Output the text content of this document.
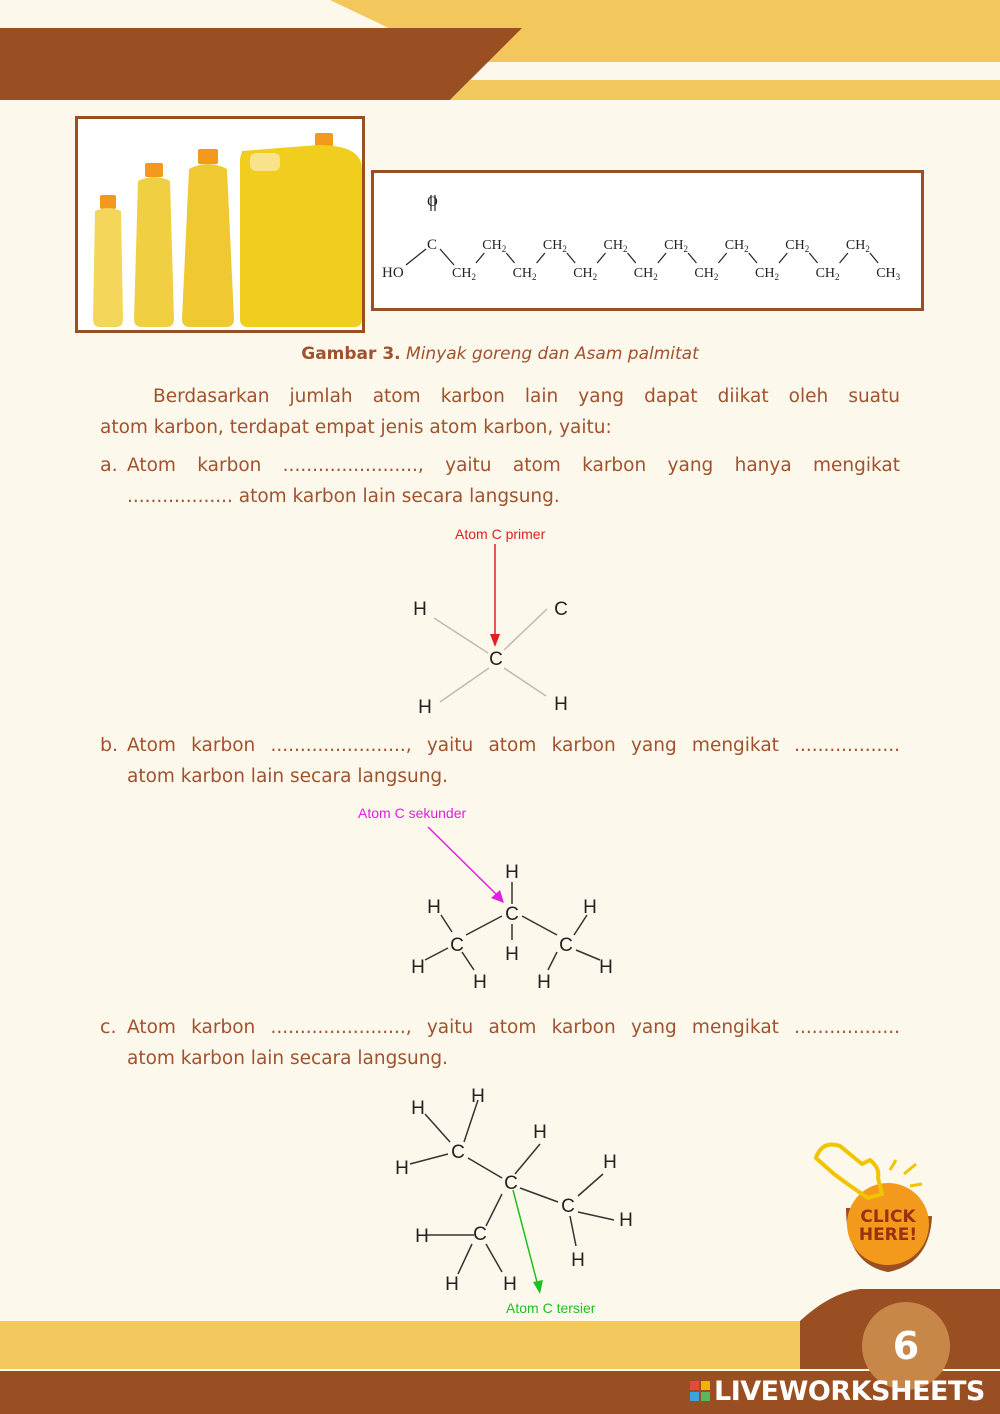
O
C
HO	$CH_2$
$CH_2$
$CH_2$
$CH_2$
$CH_2$
$CH_2$
$CH_2$
$CH_2$
$CH_2$
$CH_2$
$CH_2$
$CH_2$
$CH_2$
$CH_2$
$CH_3$
Gambar 3. Minyak goreng dan Asam palmitat
Berdasarkan jumlah atom karbon lain yang dapat diikat oleh suatu
atom karbon, terdapat empat jenis atom karbon, yaitu:
a. Atom karbon ......................., yaitu atom karbon yang hanya mengikat
.................. atom karbon lain secara langsung.
Atom C primer
C
H	C
H	H
b. Atom karbon ......................., yaitu atom karbon yang mengikat ..................
atom karbon lain secara langsung.
Atom C sekunder
C
C	C
H
H
H
H
H
H
H
H
c. Atom karbon ......................., yaitu atom karbon yang mengikat ..................
atom karbon lain secara langsung.
C
C
C
C
H
H
H
H
H
H
H
H
H H
Atom C tersier
6
CLICK
HERE!
LIVEWORKSHEETS
